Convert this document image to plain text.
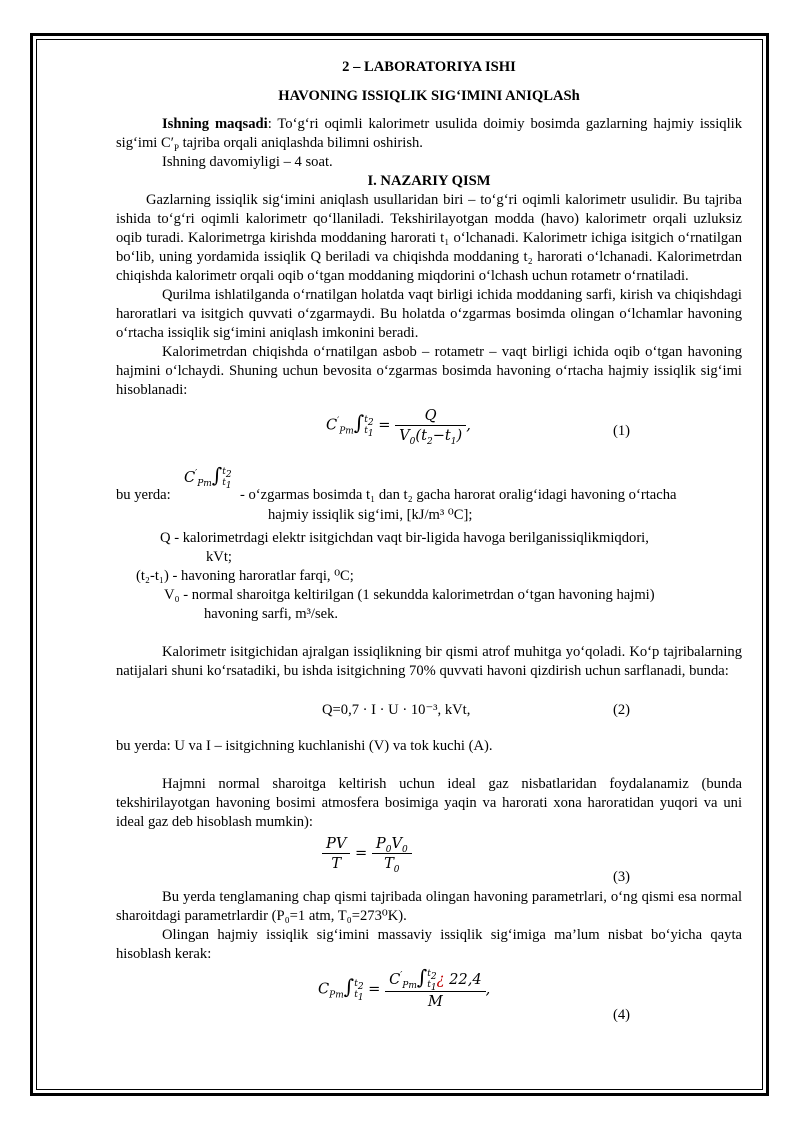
2 – LABORATORIYA ISHI

HAVONING ISSIQLIK SIG‘IMINI ANIQLASh

Ishning maqsadi: To‘g‘ri oqimli kalorimetr usulida doimiy bosimda gazlarning hajmiy issiqlik sig‘imi $C'_P$ tajriba orqali aniqlashda bilimni oshirish.

Ishning davomiyligi – 4 soat.

I. NAZARIY QISM

Gazlarning issiqlik sig‘imini aniqlash usullaridan biri – to‘g‘ri oqimli kalorimetr usulidir. Bu tajriba ishida to‘g‘ri oqimli kalorimetr qo‘llaniladi. Tekshirilayotgan modda (havo) kalorimetr orqali uzluksiz oqib turadi. Kalorimetrga kirishda moddaning harorati t₁ o‘lchanadi. Kalorimetr ichiga isitgich o‘rnatilgan bo‘lib, uning yordamida issiqlik Q beriladi va chiqishda moddaning t₂ harorati o‘lchanadi. Kalorimetrdan chiqishda kalorimetr orqali oqib o‘tgan moddaning miqdorini o‘lchash uchun rotametr o‘rnatiladi.

Qurilma ishlatilganda o‘rnatilgan holatda vaqt birligi ichida moddaning sarfi, kirish va chiqishdagi haroratlari va isitgich quvvati o‘zgarmaydi. Bu holatda o‘zgarmas bosimda olingan o‘lchamlar havoning o‘rtacha issiqlik sig‘imini aniqlash imkonini beradi.

Kalorimetrdan chiqishda o‘rnatilgan asbob – rotametr – vaqt birligi ichida oqib o‘tgan havoning hajmini o‘lchaydi. Shuning uchun bevosita o‘zgarmas bosimda havoning o‘rtacha hajmiy issiqlik sig‘imi hisoblanadi:

$C'_{Pm}\int t_2$
$t_1 = \frac{Q}{V_0(t_2-t_1)}$ ,	(1)
bu yerda:
$C'_{Pm}\int t_2$
$t_1$
- o‘zgarmas bosimda t₁ dan t₂ gacha harorat oralig‘idagi havoning o‘rtacha

hajmiy issiqlik sig‘imi, [kJ/m³ ⁰C];

Q - kalorimetrdagi elektr isitgichdan vaqt bir-ligida havoga berilganissiqlikmiqdori,

kVt;

(t₂-t₁) - havoning haroratlar farqi, ⁰C;

V₀ - normal sharoitga keltirilgan (1 sekundda kalorimetrdan o‘tgan havoning hajmi)

havoning sarfi, m³/sek.

Kalorimetr isitgichidan ajralgan issiqlikning bir qismi atrof muhitga yo‘qoladi. Ko‘p tajribalarning natijalari shuni ko‘rsatadiki, bu ishda isitgichning 70% quvvati havoni qizdirish uchun sarflanadi, bunda:

Q=0,7 · I · U · 10⁻³, kVt,	(2)

bu yerda: U va I – isitgichning kuchlanishi (V) va tok kuchi (A).

Hajmni normal sharoitga keltirish uchun ideal gaz nisbatlaridan foydalanamiz (bunda tekshirilayotgan havoning bosimi atmosfera bosimiga yaqin va harorati xona haroratidan yuqori va uni ideal gaz deb hisoblash mumkin):

$\frac{PV}{T} = \frac{P_0V_0}{T_0}$
(3)

Bu yerda tenglamaning chap qismi tajribada olingan havoning parametrlari, o‘ng qismi esa normal sharoitdagi parametrlardir (P₀=1 atm, T₀=273⁰K).

Olingan hajmiy issiqlik sig‘imini massaviy issiqlik sig‘imiga ma’lum nisbat bo‘yicha qayta hisoblash kerak:

$C_{Pm}\int t_2$
$t_1$ =
$C'_{Pm}\int t_2$
$t_1¿$ 22,4
M
,
(4)
